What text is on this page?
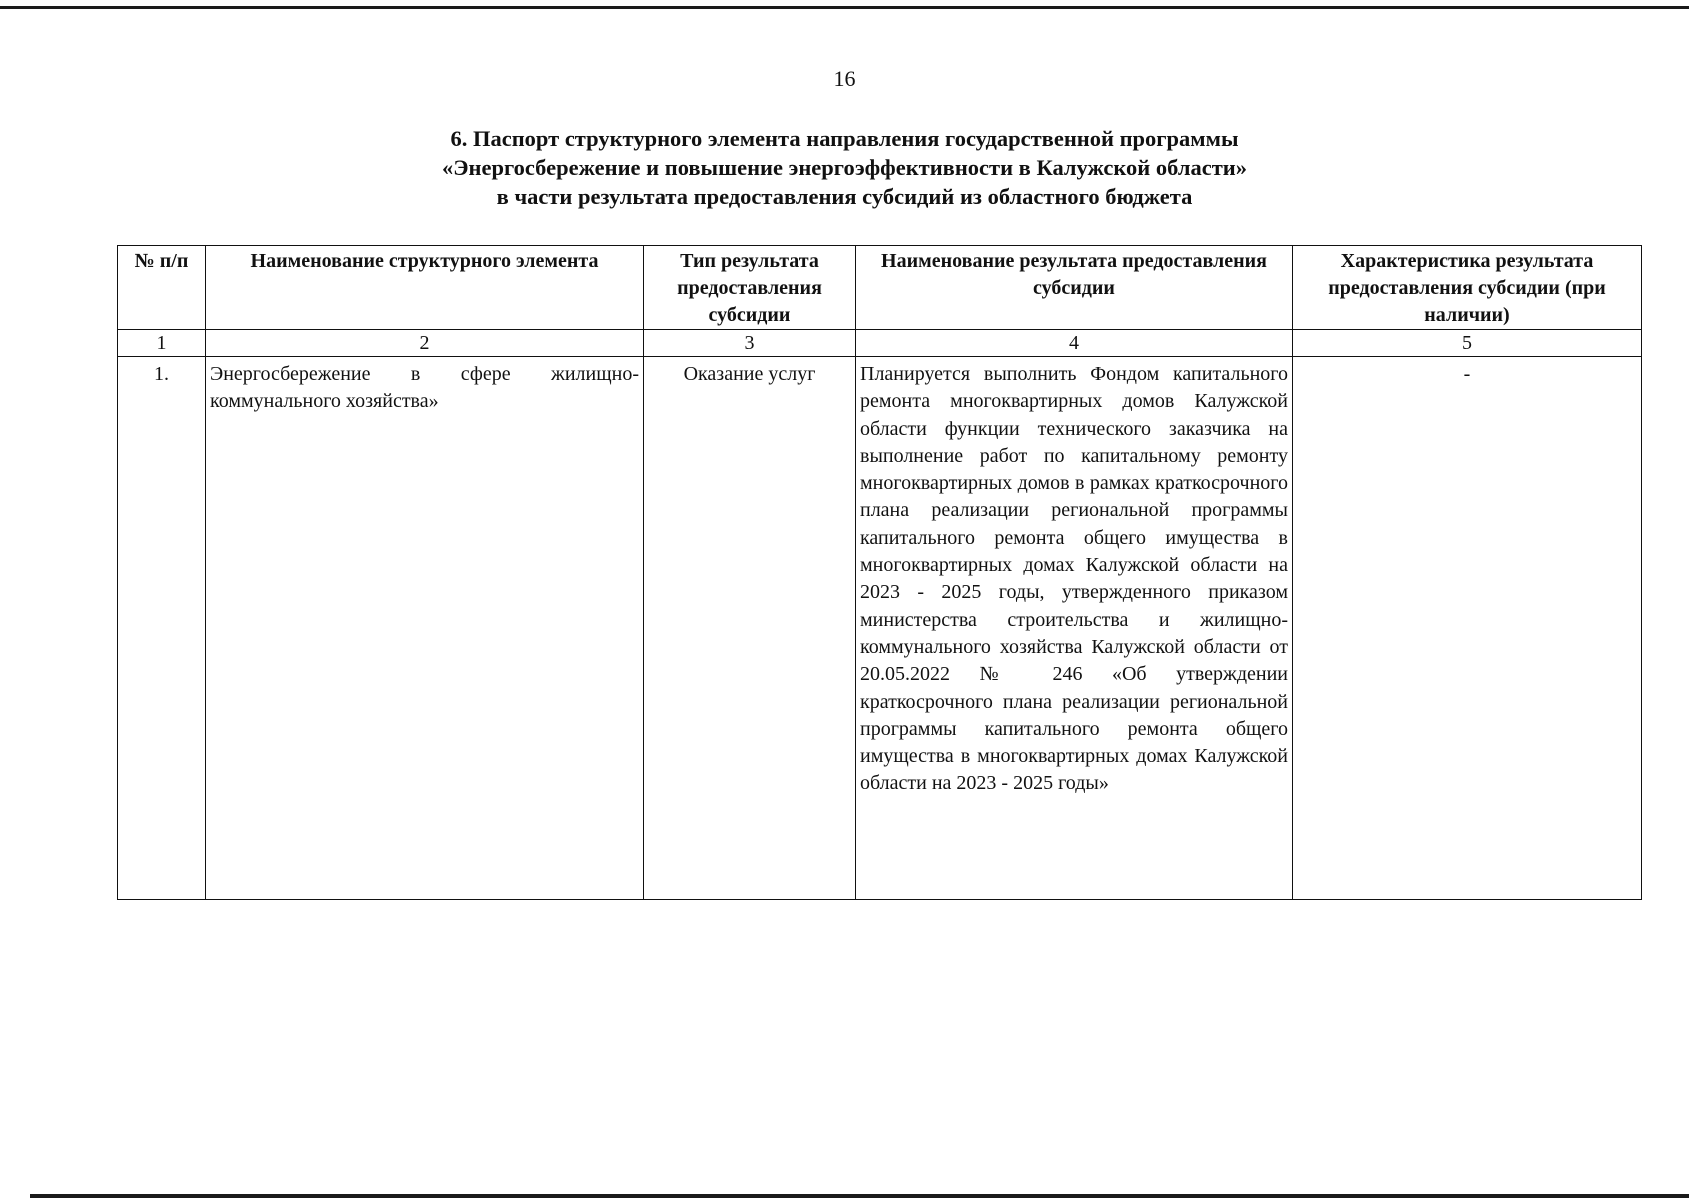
16
6. Паспорт структурного элемента направления государственной программы
«Энергосбережение и повышение энергоэффективности в Калужской области»
в части результата предоставления субсидий из областного бюджета
№ п/п	Наименование структурного элемента	Тип результата предоставления субсидии	Наименование результата предоставления субсидии	Характеристика результата предоставления субсидии (при наличии)
1	2	3	4	5
1.	Энергосбережение в сфере жилищно-коммунального хозяйства»	Оказание услуг	Планируется выполнить Фондом капитального ремонта многоквартирных домов Калужской области функции технического заказчика на выполнение работ по капитальному ремонту многоквартирных домов в рамках краткосрочного плана реализации региональной программы капитального ремонта общего имущества в многоквартирных домах Калужской области на 2023 - 2025 годы, утвержденного приказом министерства строительства и жилищно-коммунального хозяйства Калужской области от 20.05.2022 № 246 «Об утверждении краткосрочного плана реализации региональной программы капитального ремонта общего имущества в многоквартирных домах Калужской области на 2023 - 2025 годы»	-
